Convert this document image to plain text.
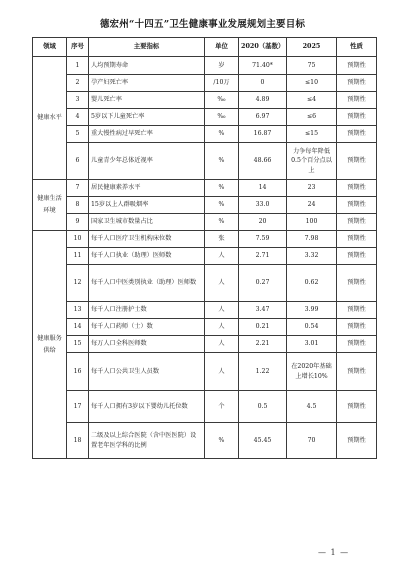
德宏州“十四五”卫生健康事业发展规划主要目标
领域	序号	主要指标	单位	2020（基数）	2025	性质
健康水平	1	人均预期寿命	岁	71.40*	75	预期性
	2	孕产妇死亡率	/10万	0	≤10	预期性
	3	婴儿死亡率	‰	4.89	≤4	预期性
	4	5岁以下儿童死亡率	‰	6.97	≤6	预期性
	5	重大慢性病过早死亡率	%	16.87	≤15	预期性
	6	儿童青少年总体近视率	%	48.66	力争每年降低0.5个百分点以上	预期性
健康生活环境	7	居民健康素养水平	%	14	23	预期性
	8	15岁以上人群吸烟率	%	33.0	24	预期性
	9	国家卫生城市数量占比	%	20	100	预期性
健康服务供给	10	每千人口医疗卫生机构床位数	张	7.59	7.98	预期性
	11	每千人口执业（助理）医师数	人	2.71	3.32	预期性
	12	每千人口中医类别执业（助理）医师数	人	0.27	0.62	预期性
	13	每千人口注册护士数	人	3.47	3.99	预期性
	14	每千人口药师（士）数	人	0.21	0.54	预期性
	15	每万人口全科医师数	人	2.21	3.01	预期性
	16	每千人口公共卫生人员数	人	1.22	在2020年基础上增长10%	预期性
	17	每千人口拥有3岁以下婴幼儿托位数	个	0.5	4.5	预期性
	18	二级及以上综合医院（含中医医院）设置老年医学科的比例	%	45.45	70	预期性
— 1 —
